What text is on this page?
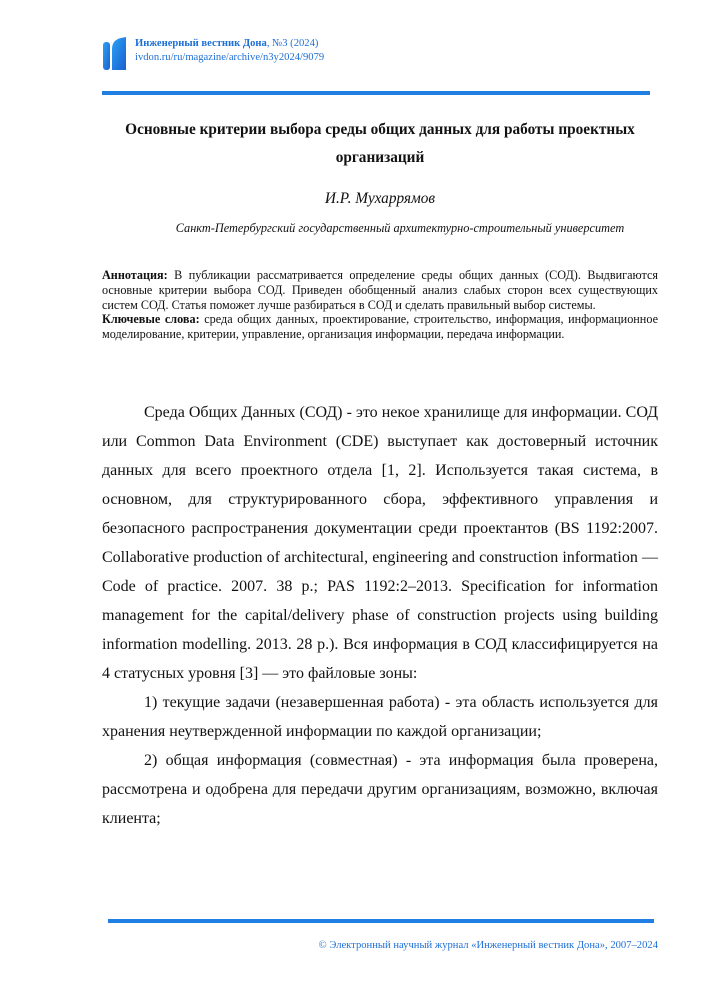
Инженерный вестник Дона, №3 (2024)
ivdon.ru/ru/magazine/archive/n3y2024/9079
Основные критерии выбора среды общих данных для работы проектных организаций
И.Р. Мухаррямов
Санкт-Петербургский государственный архитектурно-строительный университет

Аннотация: В публикации рассматривается определение среды общих данных (СОД). Выдвигаются основные критерии выбора СОД. Приведен обобщенный анализ слабых сторон всех существующих систем СОД. Статья поможет лучше разбираться в СОД и сделать правильный выбор системы.

Ключевые слова: среда общих данных, проектирование, строительство, информация, информационное моделирование, критерии, управление, организация информации, передача информации.

Среда Общих Данных (СОД) - это некое хранилище для информации. СОД или Common Data Environment (CDE) выступает как достоверный источник данных для всего проектного отдела [1, 2]. Используется такая система, в основном, для структурированного сбора, эффективного управления и безопасного распространения документации среди проектантов (BS 1192:2007. Collaborative production of architectural, engineering and construction information — Code of practice. 2007. 38 p.; PAS 1192:2–2013. Specification for information management for the capital/delivery phase of construction projects using building information modelling. 2013. 28 p.). Вся информация в СОД классифицируется на 4 статусных уровня [3] — это файловые зоны:

1) текущие задачи (незавершенная работа) - эта область используется для хранения неутвержденной информации по каждой организации;

2) общая информация (совместная) - эта информация была проверена, рассмотрена и одобрена для передачи другим организациям, возможно, включая клиента;

© Электронный научный журнал «Инженерный вестник Дона», 2007–2024
